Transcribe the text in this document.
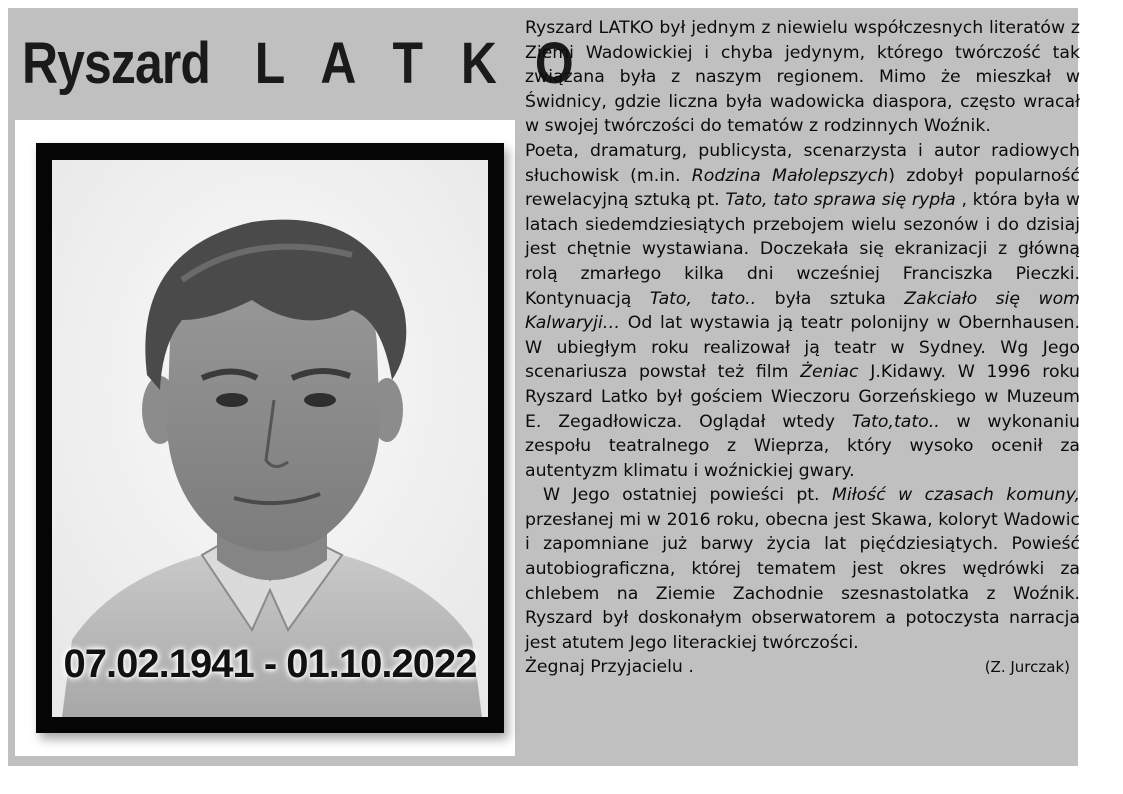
Ryszard L A T K O
07.02.1941 - 01.10.2022

Ryszard LATKO był jednym z niewielu współczesnych literatów z Ziemi Wadowickiej i chyba jedynym, którego twórczość tak związana była z naszym regionem. Mimo że mieszkał w Świdnicy, gdzie liczna była wadowicka diaspora, często wracał w swojej twórczości do tematów z rodzinnych Woźnik.

Poeta, dramaturg, publicysta, scenarzysta i autor radiowych słuchowisk (m.in. Rodzina Małolepszych) zdobył popularność rewelacyjną sztuką pt. Tato, tato sprawa się rypła , która była w latach siedemdziesiątych przebojem wielu sezonów i do dzisiaj jest chętnie wystawiana. Doczekała się ekranizacji z główną rolą zmarłego kilka dni wcześniej Franciszka Pieczki. Kontynuacją Tato, tato.. była sztuka Zakciało się wom Kalwaryji… Od lat wystawia ją teatr polonijny w Obernhausen. W ubiegłym roku realizował ją teatr w Sydney. Wg Jego scenariusza powstał też film Żeniac J.Kidawy. W 1996 roku Ryszard Latko był gościem Wieczoru Gorzeńskiego w Muzeum E. Zegadłowicza. Oglądał wtedy Tato,tato.. w wykonaniu zespołu teatralnego z Wieprza, który wysoko ocenił za autentyzm klimatu i woźnickiej gwary.

W Jego ostatniej powieści pt. Miłość w czasach komuny, przesłanej mi w 2016 roku, obecna jest Skawa, koloryt Wadowic i zapomniane już barwy życia lat pięćdziesiątych. Powieść autobiograficzna, której tematem jest okres wędrówki za chlebem na Ziemie Zachodnie szesnastolatka z Woźnik. Ryszard był doskonałym obserwatorem a potoczysta narracja jest atutem Jego literackiej twórczości.

Żegnaj Przyjacielu .	(Z. Jurczak)
